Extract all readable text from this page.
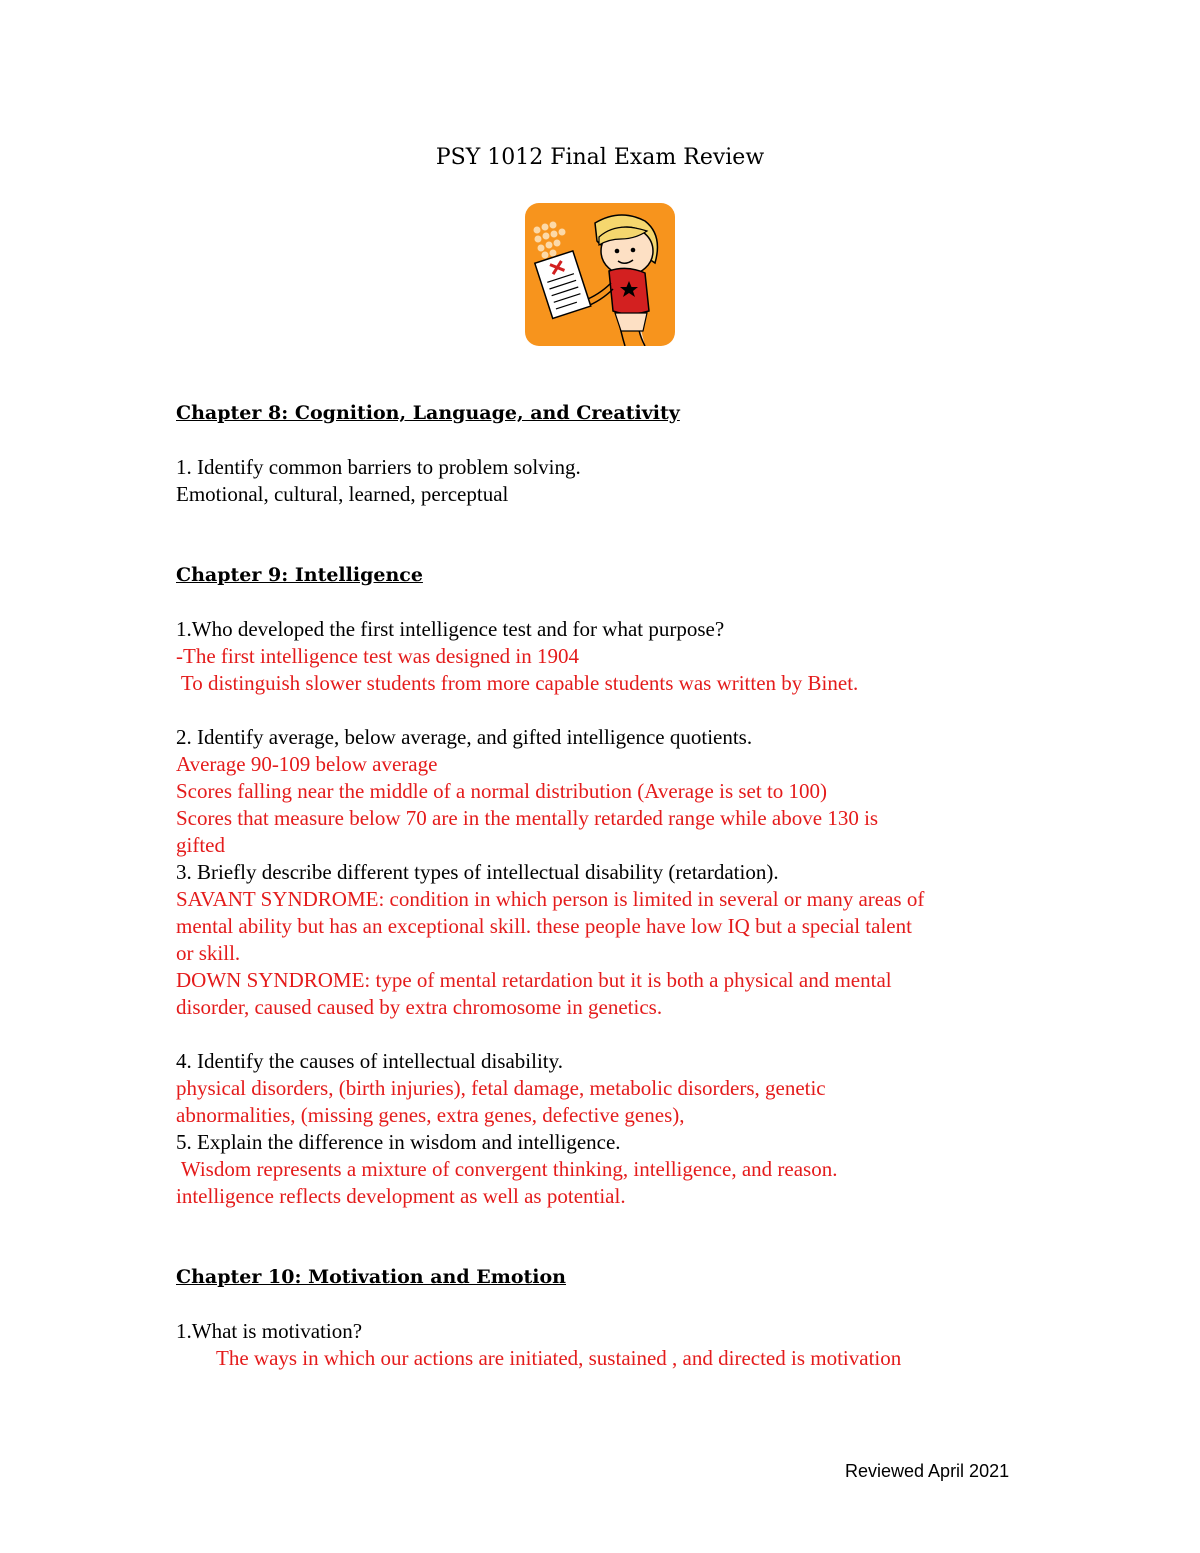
PSY 1012 Final Exam Review
Chapter 8: Cognition, Language, and Creativity
1. Identify common barriers to problem solving.
Emotional, cultural, learned, perceptual
Chapter 9: Intelligence
1.Who developed the first intelligence test and for what purpose?
-The first intelligence test was designed in 1904
To distinguish slower students from more capable students was written by Binet.
2. Identify average, below average, and gifted intelligence quotients.
Average 90-109 below average
Scores falling near the middle of a normal distribution (Average is set to 100)
Scores that measure below 70 are in the mentally retarded range while above 130 is
gifted
3. Briefly describe different types of intellectual disability (retardation).
SAVANT SYNDROME: condition in which person is limited in several or many areas of
mental ability but has an exceptional skill. these people have low IQ but a special talent
or skill.
DOWN SYNDROME: type of mental retardation but it is both a physical and mental
disorder, caused caused by extra chromosome in genetics.
4. Identify the causes of intellectual disability.
physical disorders, (birth injuries), fetal damage, metabolic disorders, genetic
abnormalities, (missing genes, extra genes, defective genes),
5. Explain the difference in wisdom and intelligence.
Wisdom represents a mixture of convergent thinking, intelligence, and reason.
intelligence reflects development as well as potential.
Chapter 10: Motivation and Emotion
1.What is motivation?
The ways in which our actions are initiated, sustained , and directed is motivation
Reviewed April 2021
